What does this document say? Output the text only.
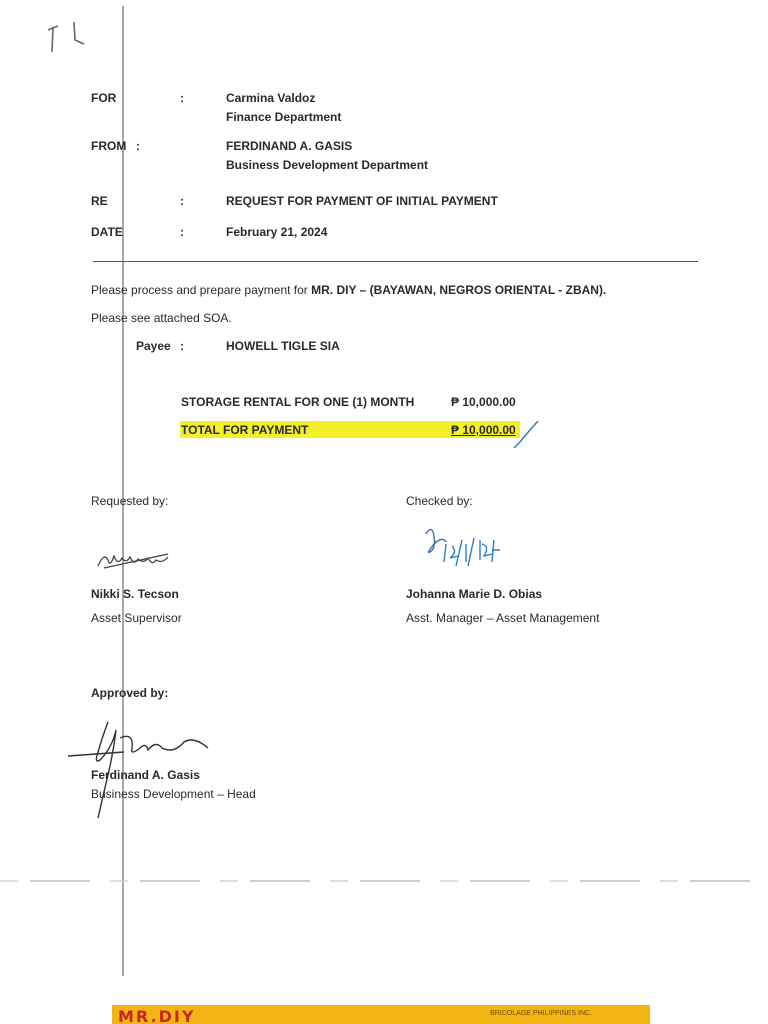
FOR	:	Carmina Valdoz
Finance Department
FROM :	FERDINAND A. GASIS
Business Development Department
RE	:	REQUEST FOR PAYMENT OF INITIAL PAYMENT
DATE	:	February 21, 2024
Please process and prepare payment for MR. DIY – (BAYAWAN, NEGROS ORIENTAL - ZBAN).
Please see attached SOA.
Payee :	HOWELL TIGLE SIA
STORAGE RENTAL FOR ONE (1) MONTH	₱ 10,000.00
TOTAL FOR PAYMENT	₱ 10,000.00
Requested by:	Checked by:
Nikki S. Tecson
Asset Supervisor
Johanna Marie D. Obias
Asst. Manager – Asset Management
Approved by:
Ferdinand A. Gasis
Business Development – Head
MR.DIY	BRICOLAGE PHILIPPINES INC.
